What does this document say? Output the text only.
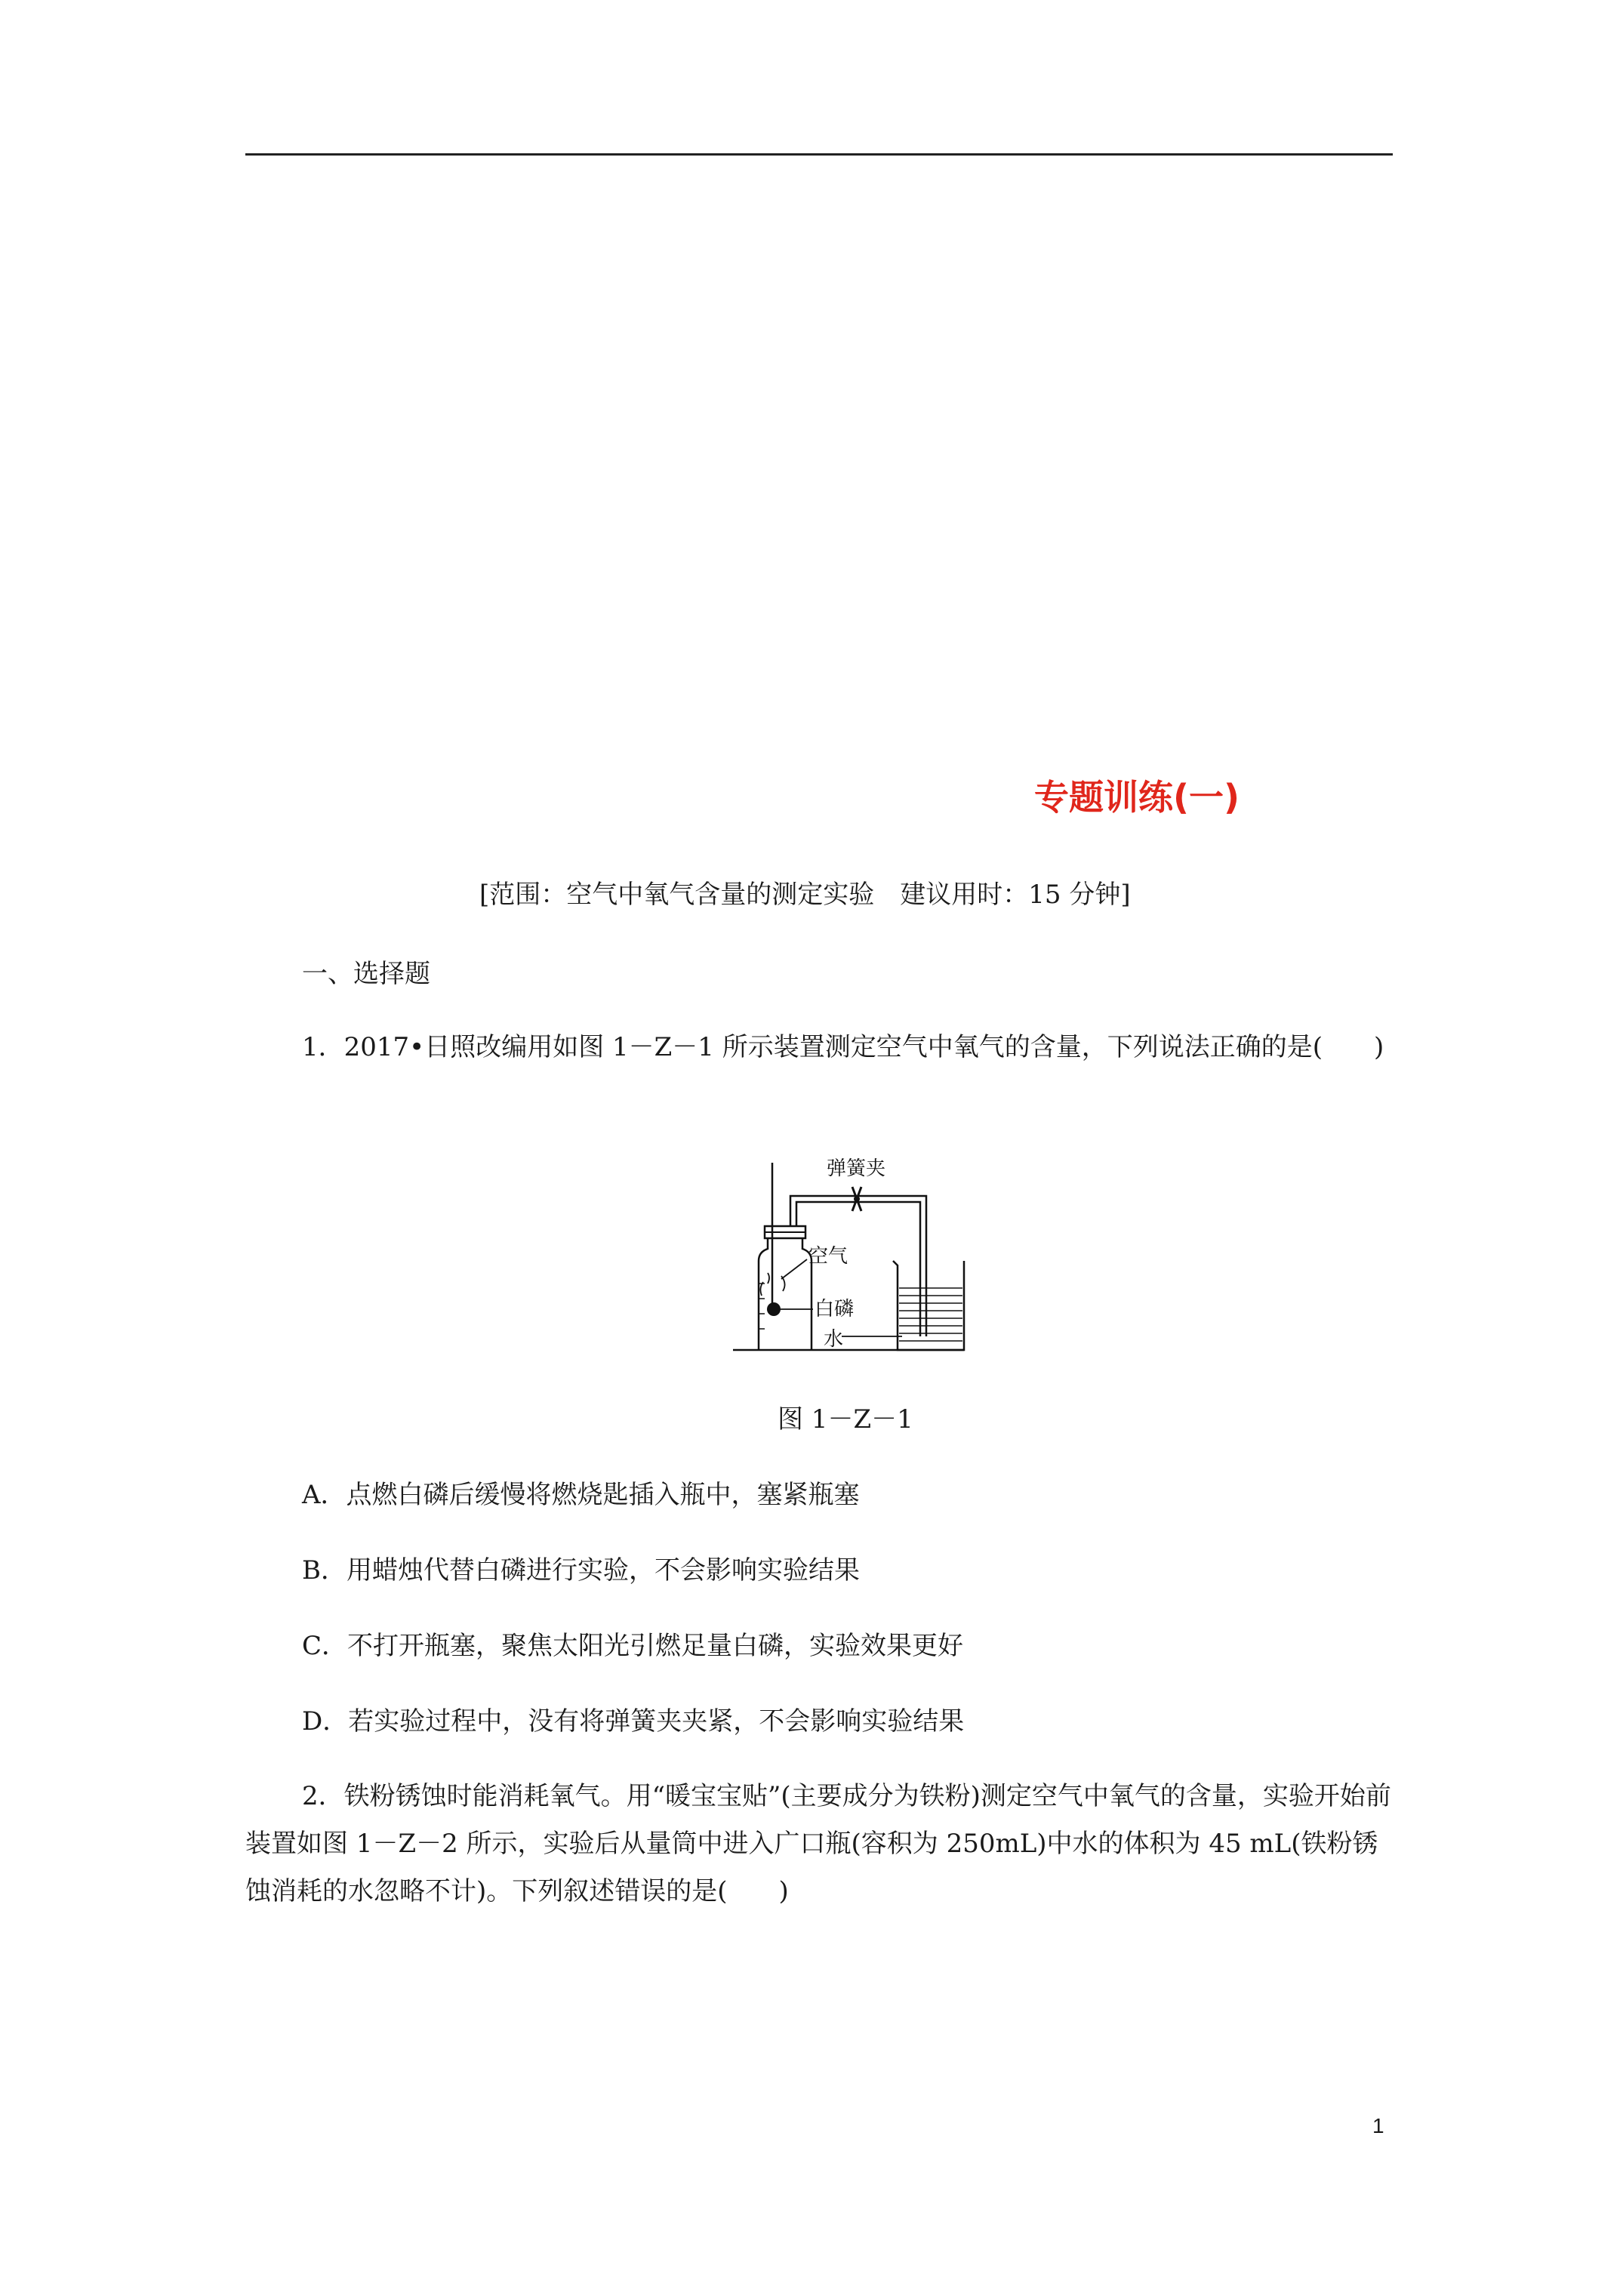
专题训练(一)
[范围：空气中氧气含量的测定实验　建议用时：15 分钟]
一、选择题
1．2017•日照改编用如图 1－Z－1 所示装置测定空气中氧气的含量，下列说法正确的是(　　)
弹簧夹
空气
白磷
水
图 1－Z－1
A．点燃白磷后缓慢将燃烧匙插入瓶中，塞紧瓶塞
B．用蜡烛代替白磷进行实验，不会影响实验结果
C．不打开瓶塞，聚焦太阳光引燃足量白磷，实验效果更好
D．若实验过程中，没有将弹簧夹夹紧，不会影响实验结果
2．铁粉锈蚀时能消耗氧气。用“暖宝宝贴”(主要成分为铁粉)测定空气中氧气的含量，实验开始前装置如图 1－Z－2 所示，实验后从量筒中进入广口瓶(容积为 250mL)中水的体积为 45 mL(铁粉锈蚀消耗的水忽略不计)。下列叙述错误的是(　　)
1
